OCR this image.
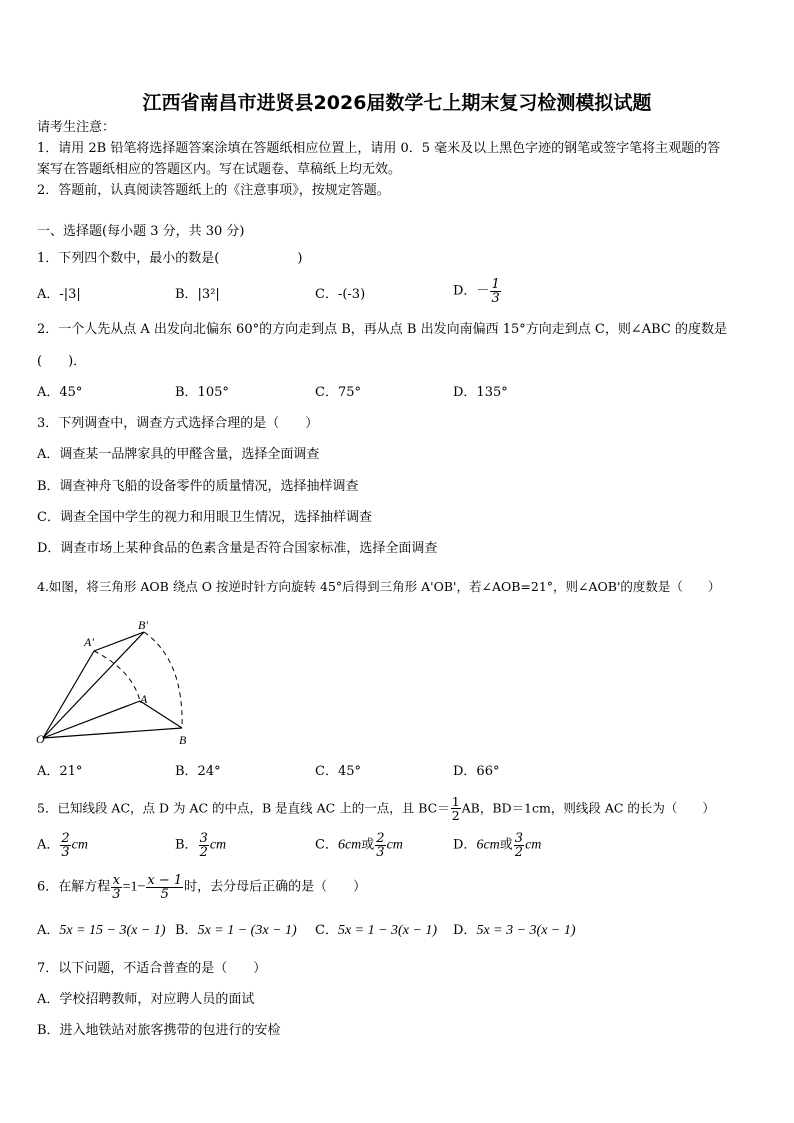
江西省南昌市进贤县2026届数学七上期末复习检测模拟试题
请考生注意：
1．请用 2B 铅笔将选择题答案涂填在答题纸相应位置上，请用 0．5 毫米及以上黑色字迹的钢笔或签字笔将主观题的答
案写在答题纸相应的答题区内。写在试题卷、草稿纸上均无效。
2．答题前，认真阅读答题纸上的《注意事项》，按规定答题。
一、选择题(每小题 3 分，共 30 分)
1．下列四个数中，最小的数是(　　　　　　)
A．-|3|	B．|3²|	C．-(-3)	D．－ $\frac{1}{3}$
2．一个人先从点 A 出发向北偏东 60°的方向走到点 B，再从点 B 出发向南偏西 15°方向走到点 C，则∠ABC 的度数是
(　　)．
A．45°	B．105°	C．75°	D．135°
3．下列调查中，调查方式选择合理的是（　　）
A．调查某一品牌家具的甲醛含量，选择全面调查
B．调查神舟飞船的设备零件的质量情况，选择抽样调查
C．调查全国中学生的视力和用眼卫生情况，选择抽样调查
D．调查市场上某种食品的色素含量是否符合国家标准，选择全面调查
4.如图，将三角形 AOB 绕点 O 按逆时针方向旋转 45°后得到三角形 A'OB'，若∠AOB=21°，则∠AOB'的度数是（　　）
A'
B'
A
O	B
A．21°	B．24°	C．45°	D．66°
5．已知线段 AC，点 D 为 AC 的中点，B 是直线 AC 上的一点，且 $BC= \frac{1}{2}$ AB，BD＝1cm，则线段 AC 的长为（　　）
A． $\frac{2}{3}$ cm	B． $\frac{3}{2}$ cm	C．6cm或 $\frac{2}{3}$ cm	D．6cm或 $\frac{3}{2}$ cm
6．在解方程 $\frac{x}{3} =1- \frac{x - 1}{5}$ 时，去分母后正确的是（　　）
A．5x = 15 − 3(x − 1) B．5x = 1 − (3x − 1) C．5x = 1 − 3(x − 1) D．5x = 3 − 3(x − 1)
7．以下问题，不适合普查的是（　　）
A．学校招聘教师，对应聘人员的面试
B．进入地铁站对旅客携带的包进行的安检
